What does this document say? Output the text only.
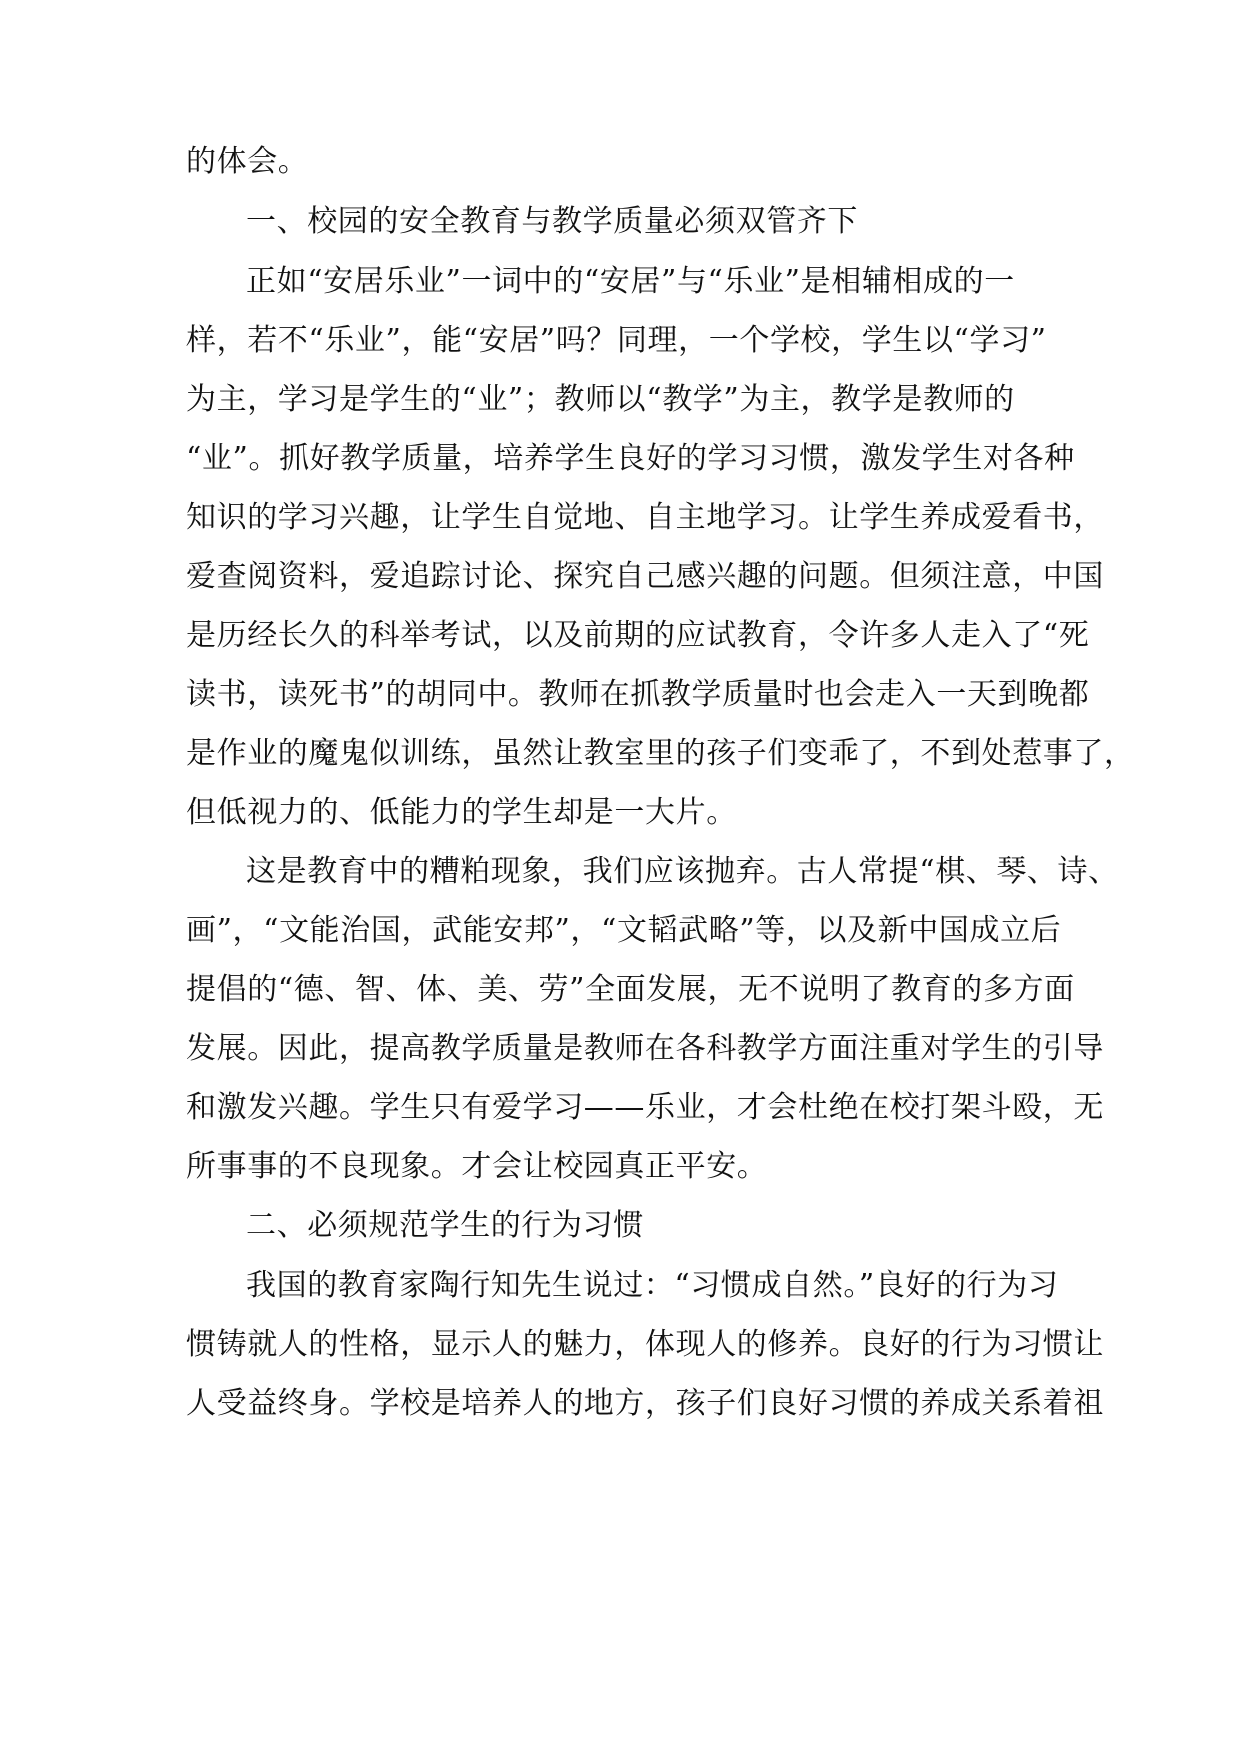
的体会。
一、校园的安全教育与教学质量必须双管齐下
正如“安居乐业”一词中的“安居”与“乐业”是相辅相成的一
样，若不“乐业”，能“安居”吗？同理，一个学校，学生以“学习”
为主，学习是学生的“业”；教师以“教学”为主，教学是教师的
“业”。抓好教学质量，培养学生良好的学习习惯，激发学生对各种
知识的学习兴趣，让学生自觉地、自主地学习。让学生养成爱看书，
爱查阅资料，爱追踪讨论、探究自己感兴趣的问题。但须注意，中国
是历经长久的科举考试，以及前期的应试教育，令许多人走入了“死
读书，读死书”的胡同中。教师在抓教学质量时也会走入一天到晚都
是作业的魔鬼似训练，虽然让教室里的孩子们变乖了，不到处惹事了，
但低视力的、低能力的学生却是一大片。
这是教育中的糟粕现象，我们应该抛弃。古人常提“棋、琴、诗、
画”，“文能治国，武能安邦”，“文韬武略”等，以及新中国成立后
提倡的“德、智、体、美、劳”全面发展，无不说明了教育的多方面
发展。因此，提高教学质量是教师在各科教学方面注重对学生的引导
和激发兴趣。学生只有爱学习——乐业，才会杜绝在校打架斗殴，无
所事事的不良现象。才会让校园真正平安。
二、必须规范学生的行为习惯
我国的教育家陶行知先生说过：“习惯成自然。”良好的行为习
惯铸就人的性格，显示人的魅力，体现人的修养。良好的行为习惯让
人受益终身。学校是培养人的地方，孩子们良好习惯的养成关系着祖
